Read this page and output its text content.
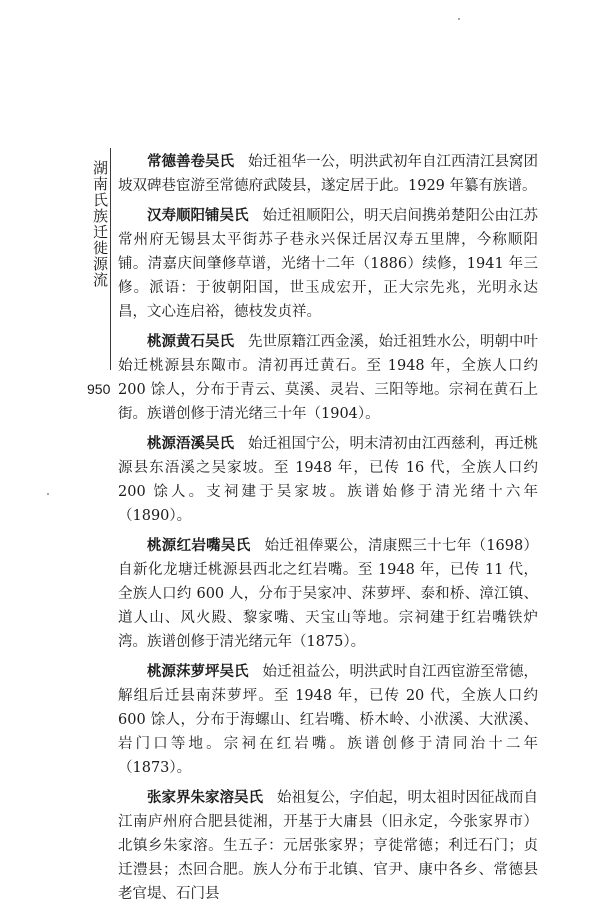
湖南氏族迁徙源流
950

常德善卷吴氏 始迁祖华一公，明洪武初年自江西清江县窝团坡双碑巷宦游至常德府武陵县，遂定居于此。1929 年纂有族谱。

汉寿顺阳铺吴氏 始迁祖顺阳公，明天启间携弟楚阳公由江苏常州府无锡县太平街苏子巷永兴保迁居汉寿五里牌，今称顺阳铺。清嘉庆间肇修草谱，光绪十二年（1886）续修，1941 年三修。派语：于彼朝阳国，世玉成宏开，正大宗先兆，光明永达昌，文心连启裕，德枝发贞祥。

桃源黄石吴氏 先世原籍江西金溪，始迁祖甡水公，明朝中叶始迁桃源县东陬市。清初再迁黄石。至 1948 年，全族人口约 200 馀人，分布于青云、莫溪、灵岩、三阳等地。宗祠在黄石上街。族谱创修于清光绪三十年（1904）。

桃源浯溪吴氏 始迁祖国宁公，明末清初由江西慈利，再迁桃源县东浯溪之吴家坡。至 1948 年，已传 16 代，全族人口约 200 馀人。支祠建于吴家坡。族谱始修于清光绪十六年（1890）。

桃源红岩嘴吴氏 始迁祖俸粟公，清康熙三十七年（1698）自新化龙塘迁桃源县西北之红岩嘴。至 1948 年，已传 11 代，全族人口约 600 人，分布于吴家冲、莯萝坪、泰和桥、漳江镇、道人山、风火殿、黎家嘴、天宝山等地。宗祠建于红岩嘴铁炉湾。族谱创修于清光绪元年（1875）。

桃源莯萝坪吴氏 始迁祖益公，明洪武时自江西宦游至常德，解组后迁县南莯萝坪。至 1948 年，已传 20 代，全族人口约 600 馀人，分布于海螺山、红岩嘴、桥木岭、小洑溪、大洑溪、岩门口等地。宗祠在红岩嘴。族谱创修于清同治十二年（1873）。

张家界朱家溶吴氏 始祖复公，字伯起，明太祖时因征战而自江南庐州府合肥县徙湘，开基于大庸县（旧永定，今张家界市）北镇乡朱家溶。生五子：元居张家界；亨徙常德；利迁石门；贞迁澧县；杰回合肥。族人分布于北镇、官尹、康中各乡、常德县老官堤、石门县
